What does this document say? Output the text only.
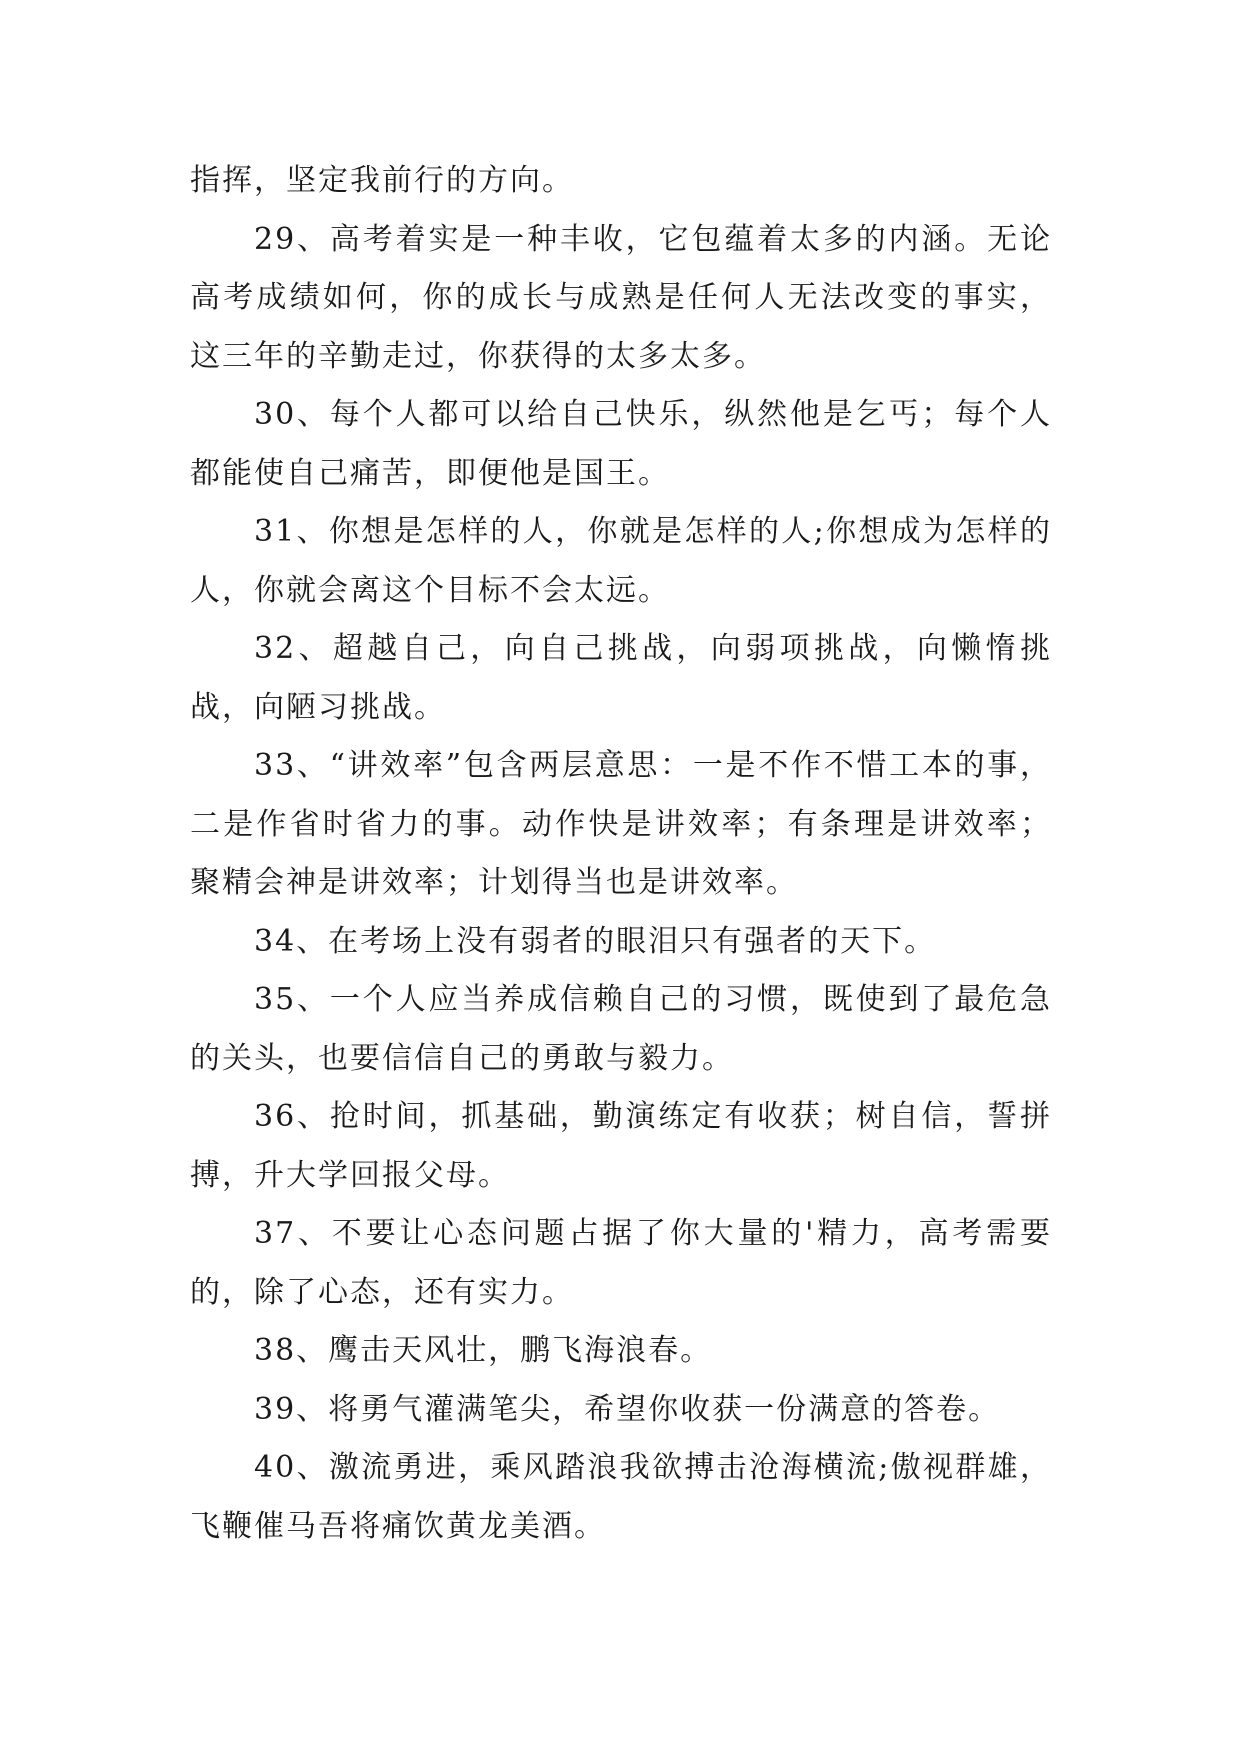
指挥，坚定我前行的方向。

29、高考着实是一种丰收，它包蕴着太多的内涵。无论高考成绩如何，你的成长与成熟是任何人无法改变的事实，这三年的辛勤走过，你获得的太多太多。

30、每个人都可以给自己快乐，纵然他是乞丐；每个人都能使自己痛苦，即便他是国王。

31、你想是怎样的人，你就是怎样的人;你想成为怎样的人，你就会离这个目标不会太远。

32、超越自己，向自己挑战，向弱项挑战，向懒惰挑战，向陋习挑战。

33、“讲效率”包含两层意思：一是不作不惜工本的事，二是作省时省力的事。动作快是讲效率；有条理是讲效率；聚精会神是讲效率；计划得当也是讲效率。

34、在考场上没有弱者的眼泪只有强者的天下。

35、一个人应当养成信赖自己的习惯，既使到了最危急的关头，也要信信自己的勇敢与毅力。

36、抢时间，抓基础，勤演练定有收获；树自信，誓拼搏，升大学回报父母。

37、不要让心态问题占据了你大量的'精力，高考需要的，除了心态，还有实力。

38、鹰击天风壮，鹏飞海浪春。

39、将勇气灌满笔尖，希望你收获一份满意的答卷。

40、激流勇进，乘风踏浪我欲搏击沧海横流;傲视群雄，飞鞭催马吾将痛饮黄龙美酒。
